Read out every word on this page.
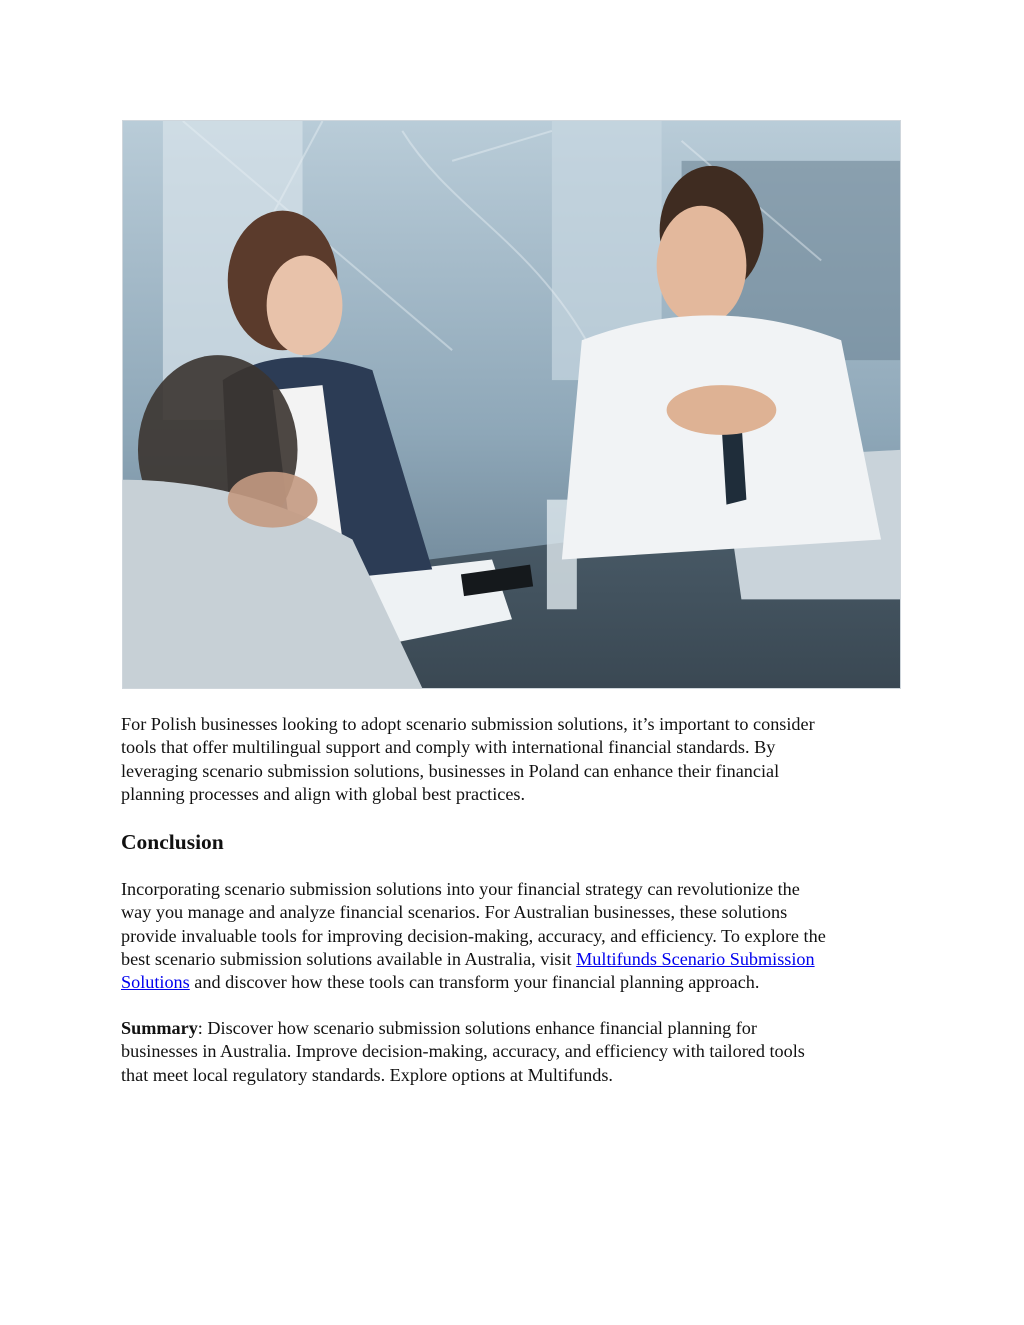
For Polish businesses looking to adopt scenario submission solutions, it’s important to consider
tools that offer multilingual support and comply with international financial standards. By
leveraging scenario submission solutions, businesses in Poland can enhance their financial
planning processes and align with global best practices.
Conclusion
Incorporating scenario submission solutions into your financial strategy can revolutionize the
way you manage and analyze financial scenarios. For Australian businesses, these solutions
provide invaluable tools for improving decision-making, accuracy, and efficiency. To explore the
best scenario submission solutions available in Australia, visit Multifunds Scenario Submission
Solutions and discover how these tools can transform your financial planning approach.
Summary: Discover how scenario submission solutions enhance financial planning for
businesses in Australia. Improve decision-making, accuracy, and efficiency with tailored tools
that meet local regulatory standards. Explore options at Multifunds.
